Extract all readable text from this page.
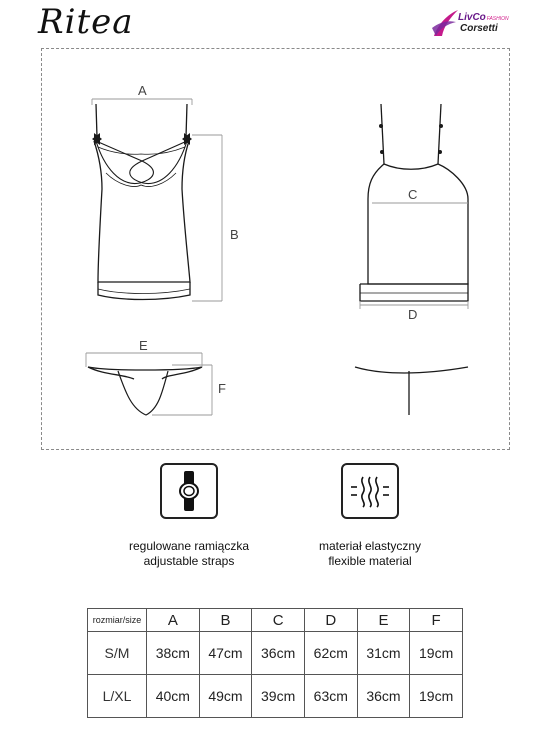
Ritea	LivCoFASHION
Corsetti
A
B
C
D
E
F
regulowane ramiączka
adjustable straps
materiał elastyczny
flexible material
rozmiar/size	A	B	C	D	E	F
S/M	38cm	47cm	36cm	62cm	31cm	19cm
L/XL	40cm	49cm	39cm	63cm	36cm	19cm
